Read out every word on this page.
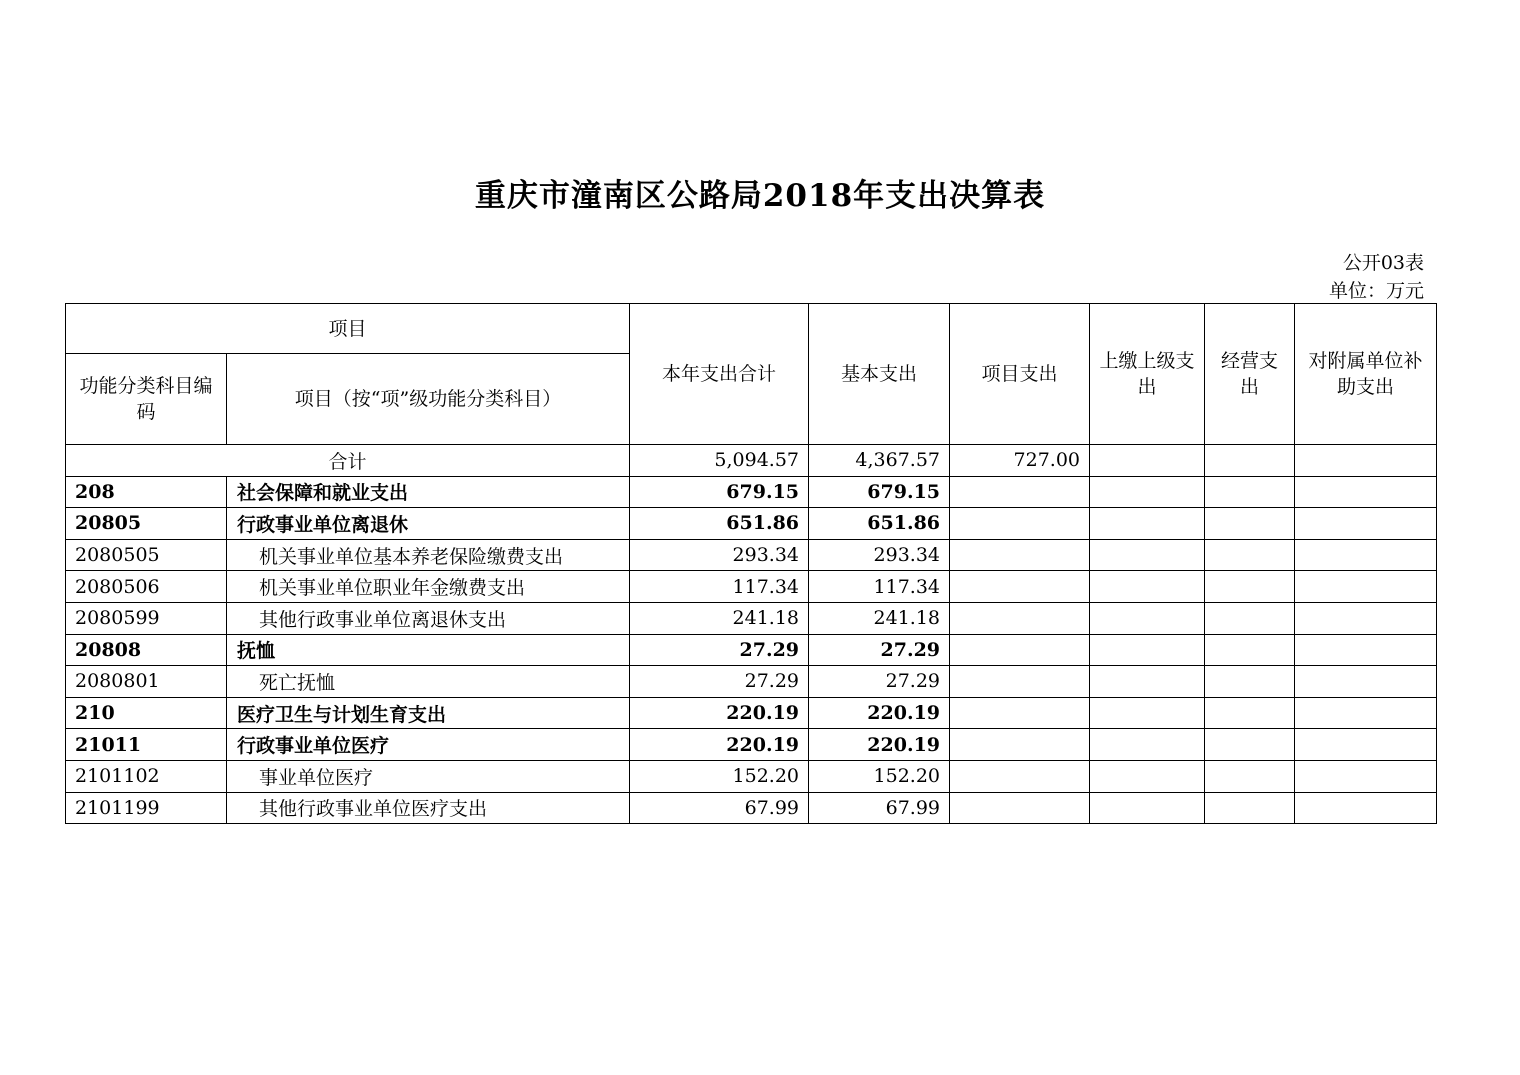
重庆市潼南区公路局2018年支出决算表
公开03表
单位：万元
项目		本年支出合计	基本支出	项目支出	上缴上级支出	经营支出	对附属单位补助支出
功能分类科目编码	项目（按“项”级功能分类科目）						
合计		5,094.57	4,367.57	727.00			
208	社会保障和就业支出	679.15	679.15				
20805	行政事业单位离退休	651.86	651.86				
2080505	机关事业单位基本养老保险缴费支出	293.34	293.34				
2080506	机关事业单位职业年金缴费支出	117.34	117.34				
2080599	其他行政事业单位离退休支出	241.18	241.18				
20808	抚恤	27.29	27.29				
2080801	死亡抚恤	27.29	27.29				
210	医疗卫生与计划生育支出	220.19	220.19				
21011	行政事业单位医疗	220.19	220.19				
2101102	事业单位医疗	152.20	152.20				
2101199	其他行政事业单位医疗支出	67.99	67.99				
